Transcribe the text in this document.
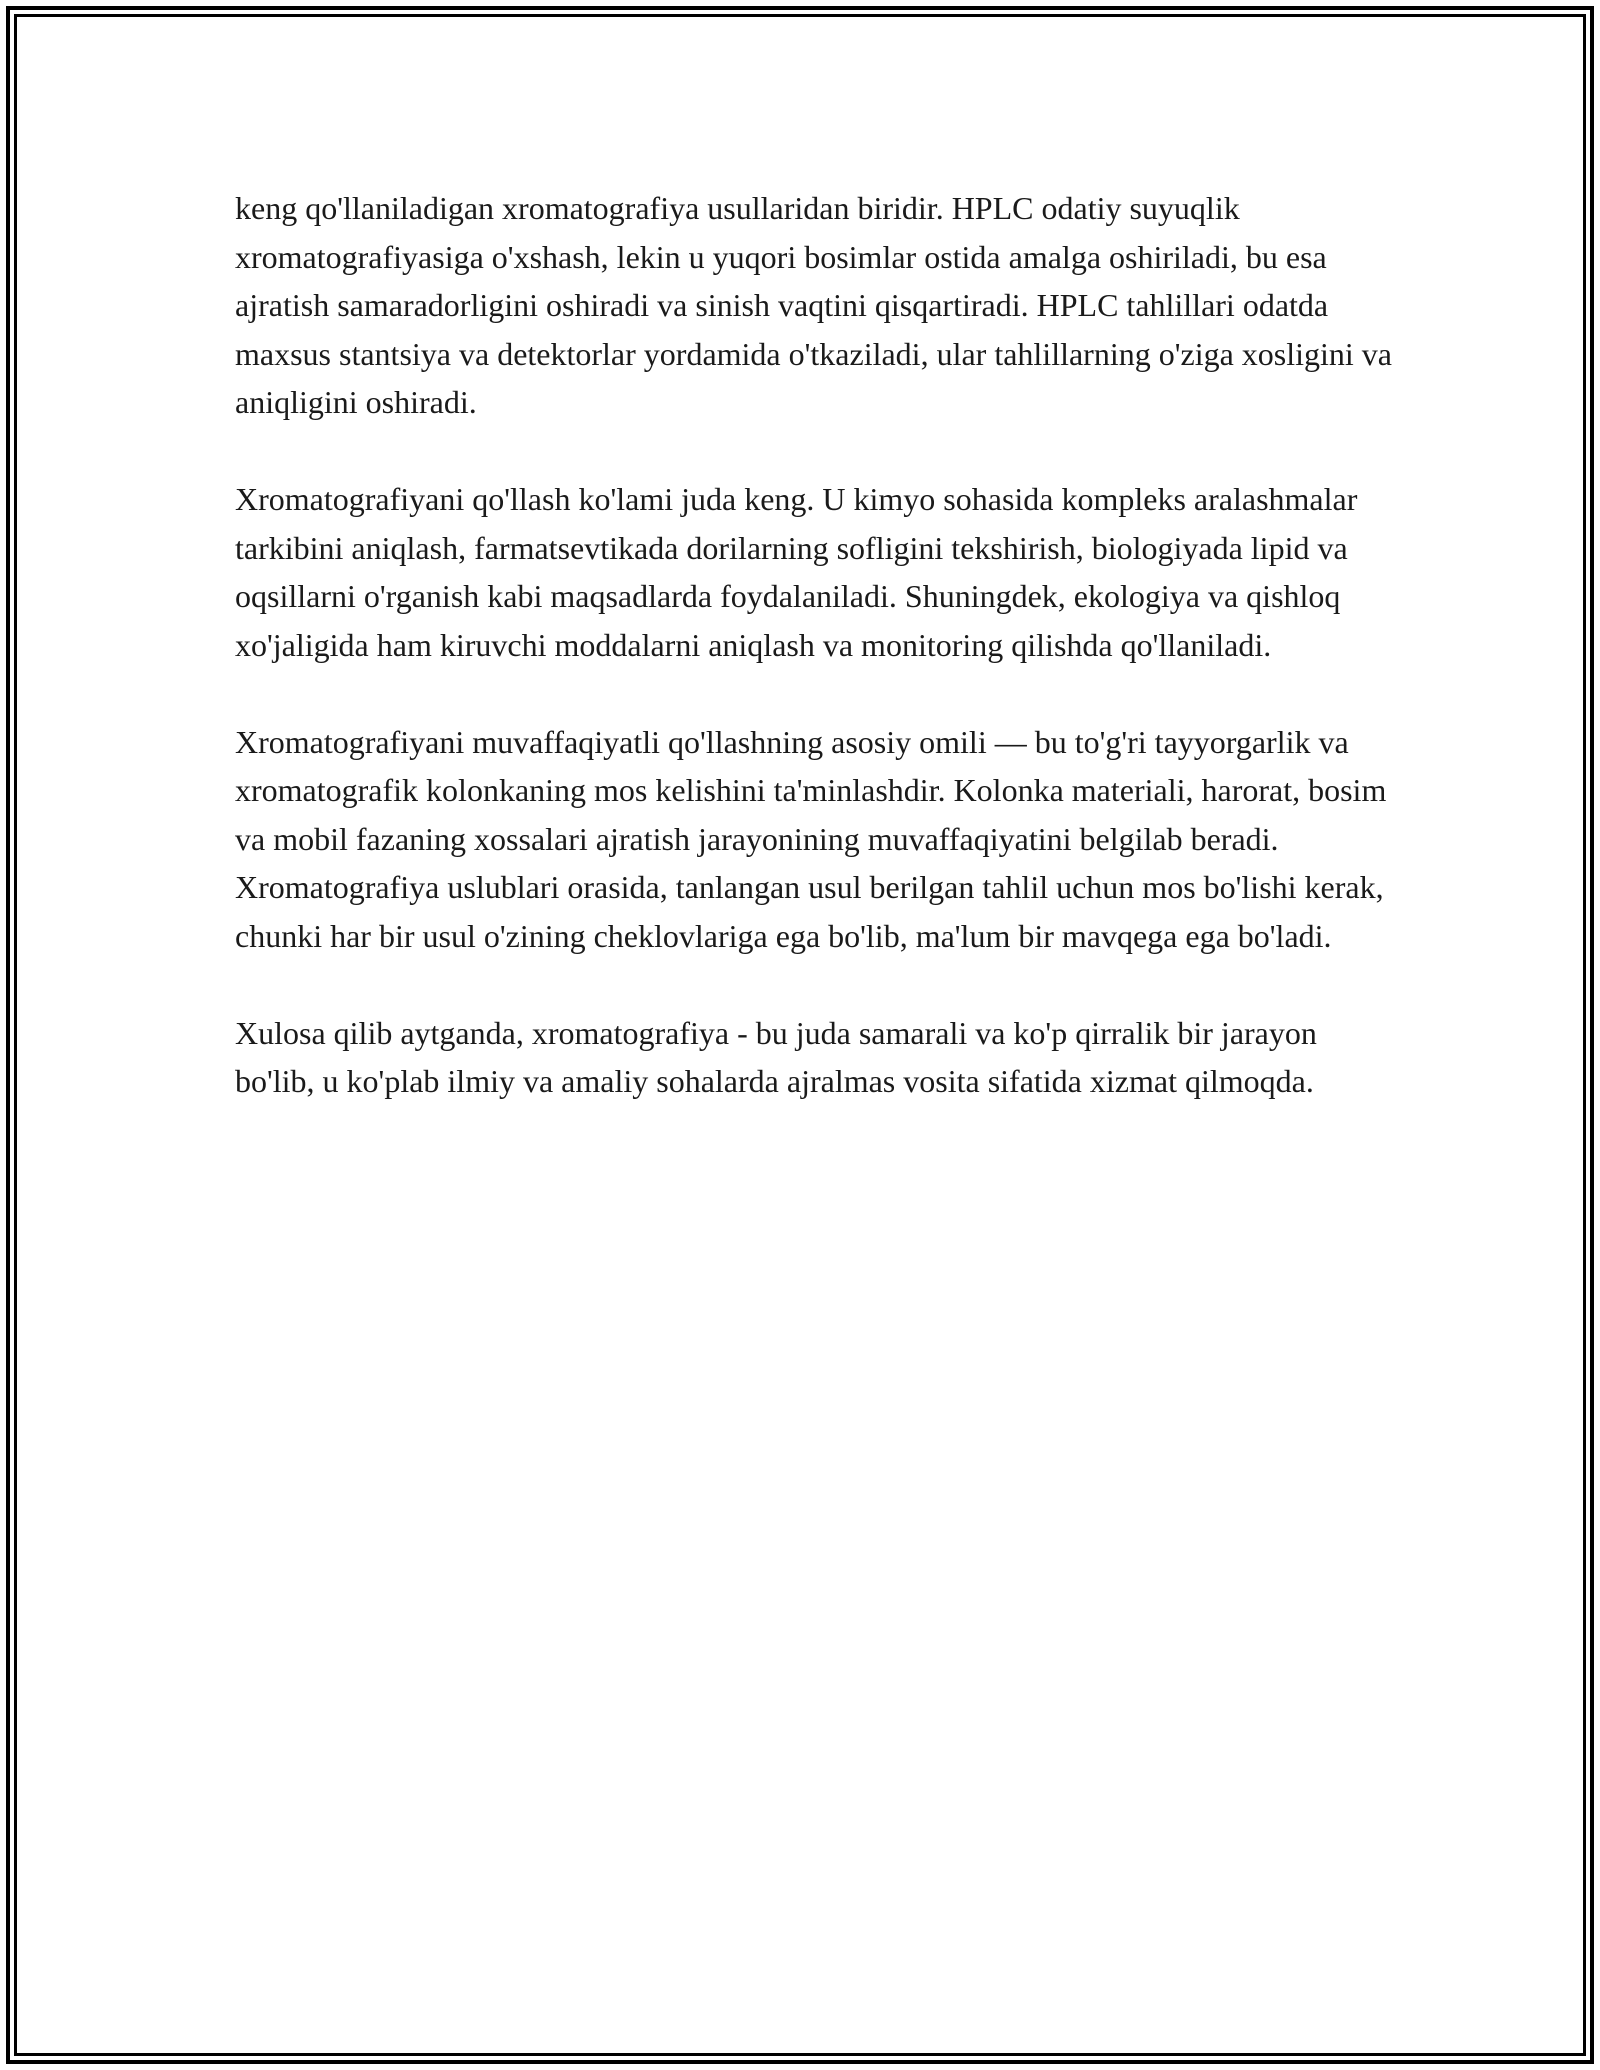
keng qo'llaniladigan xromatografiya usullaridan biridir. HPLC odatiy suyuqlik xromatografiyasiga o'xshash, lekin u yuqori bosimlar ostida amalga oshiriladi, bu esa ajratish samaradorligini oshiradi va sinish vaqtini qisqartiradi. HPLC tahlillari odatda maxsus stantsiya va detektorlar yordamida o'tkaziladi, ular tahlillarning o'ziga xosligini va aniqligini oshiradi.

Xromatografiyani qo'llash ko'lami juda keng. U kimyo sohasida kompleks aralashmalar tarkibini aniqlash, farmatsevtikada dorilarning sofligini tekshirish, biologiyada lipid va oqsillarni o'rganish kabi maqsadlarda foydalaniladi. Shuningdek, ekologiya va qishloq xo'jaligida ham kiruvchi moddalarni aniqlash va monitoring qilishda qo'llaniladi.

Xromatografiyani muvaffaqiyatli qo'llashning asosiy omili — bu to'g'ri tayyorgarlik va xromatografik kolonkaning mos kelishini ta'minlashdir. Kolonka materiali, harorat, bosim va mobil fazaning xossalari ajratish jarayonining muvaffaqiyatini belgilab beradi. Xromatografiya uslublari orasida, tanlangan usul berilgan tahlil uchun mos bo'lishi kerak, chunki har bir usul o'zining cheklovlariga ega bo'lib, ma'lum bir mavqega ega bo'ladi.

Xulosa qilib aytganda, xromatografiya - bu juda samarali va ko'p qirralik bir jarayon bo'lib, u ko'plab ilmiy va amaliy sohalarda ajralmas vosita sifatida xizmat qilmoqda.
